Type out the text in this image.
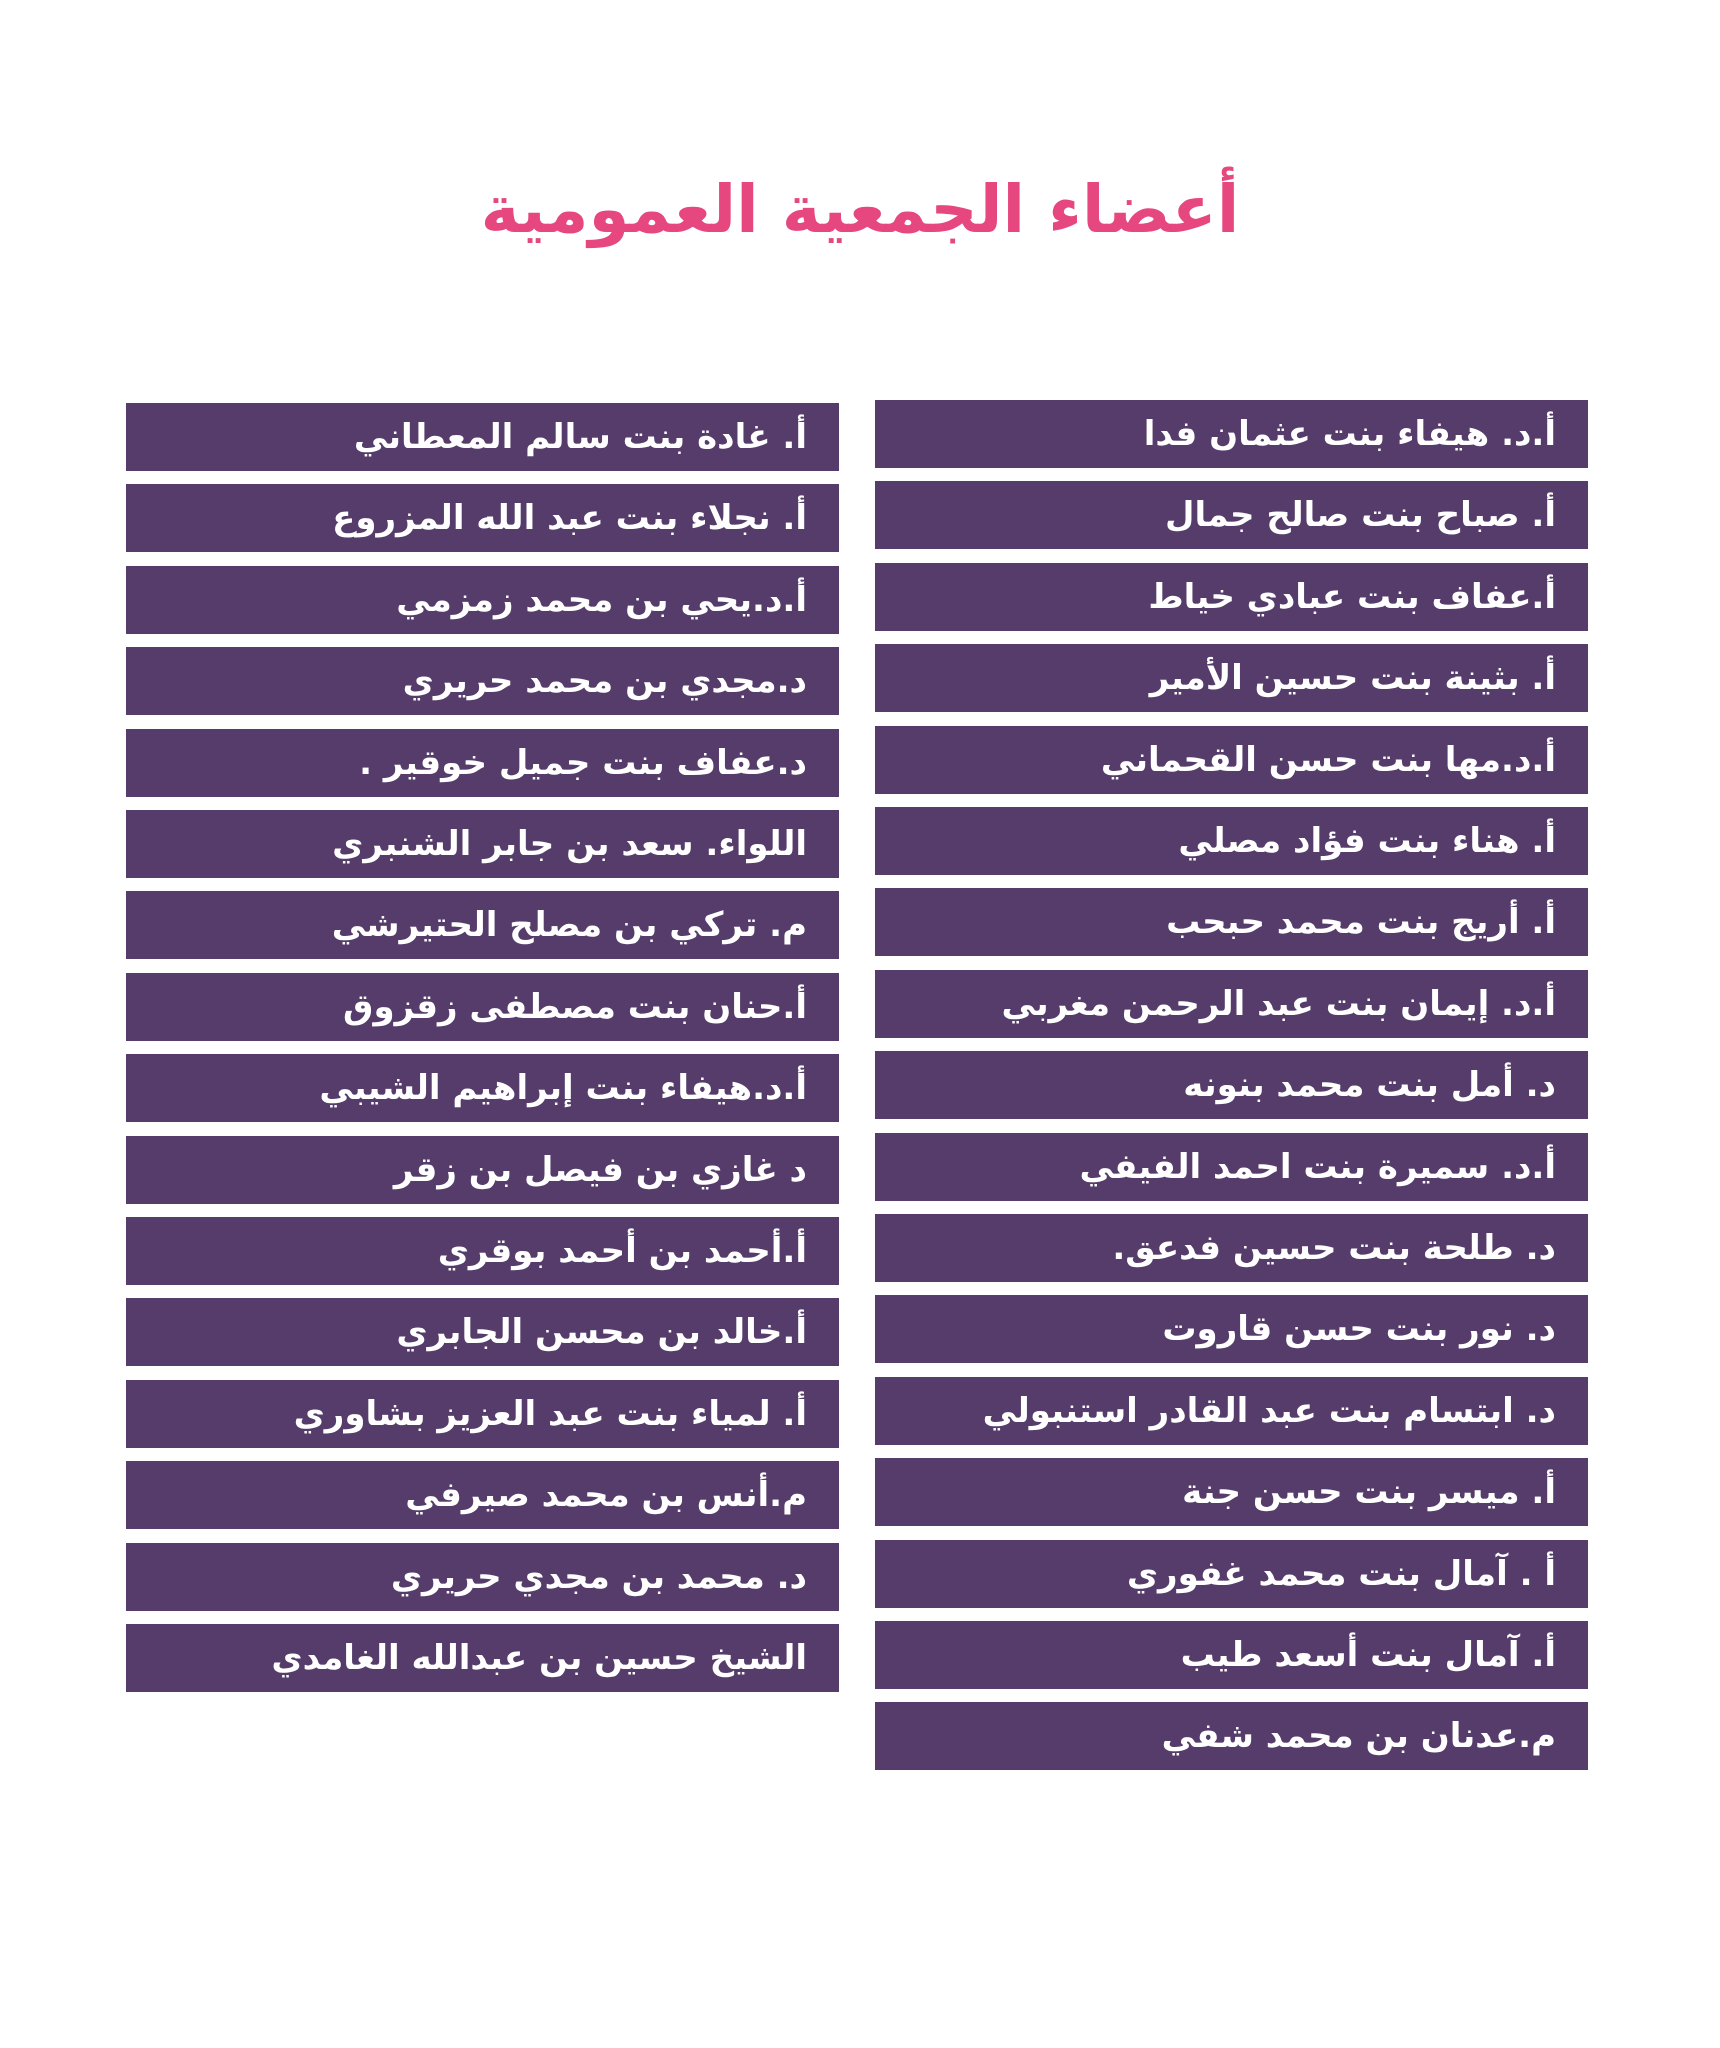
أعضاء الجمعية العمومية
أ.د. هيفاء بنت عثمان فدا
أ. صباح بنت صالح جمال
أ.عفاف بنت عبادي خياط
أ. بثينة بنت حسين الأمير
أ.د.مها بنت حسن القحماني
أ. هناء بنت فؤاد مصلي
أ. أريج بنت محمد حبحب
أ.د. إيمان بنت عبد الرحمن مغربي
د. أمل بنت محمد بنونه
أ.د. سميرة بنت احمد الفيفي
د. طلحة بنت حسين فدعق.
د. نور بنت حسن قاروت
د. ابتسام بنت عبد القادر استنبولي
أ. ميسر بنت حسن جنة
أ . آمال بنت محمد غفوري
أ. آمال بنت أسعد طيب
م.عدنان بن محمد شفي
أ. غادة بنت سالم المعطاني
أ. نجلاء بنت عبد الله المزروع
أ.د.يحي بن محمد زمزمي
د.مجدي بن محمد حريري
د.عفاف بنت جميل خوقير .
اللواء. سعد بن جابر الشنبري
م. تركي بن مصلح الحتيرشي
أ.حنان بنت مصطفى زقزوق
أ.د.هيفاء بنت إبراهيم الشيبي
د غازي بن فيصل بن زقر
أ.أحمد بن أحمد بوقري
أ.خالد بن محسن الجابري
أ. لمياء بنت عبد العزيز بشاوري
م.أنس بن محمد صيرفي
د. محمد بن مجدي حريري
الشيخ حسين بن عبدالله الغامدي
